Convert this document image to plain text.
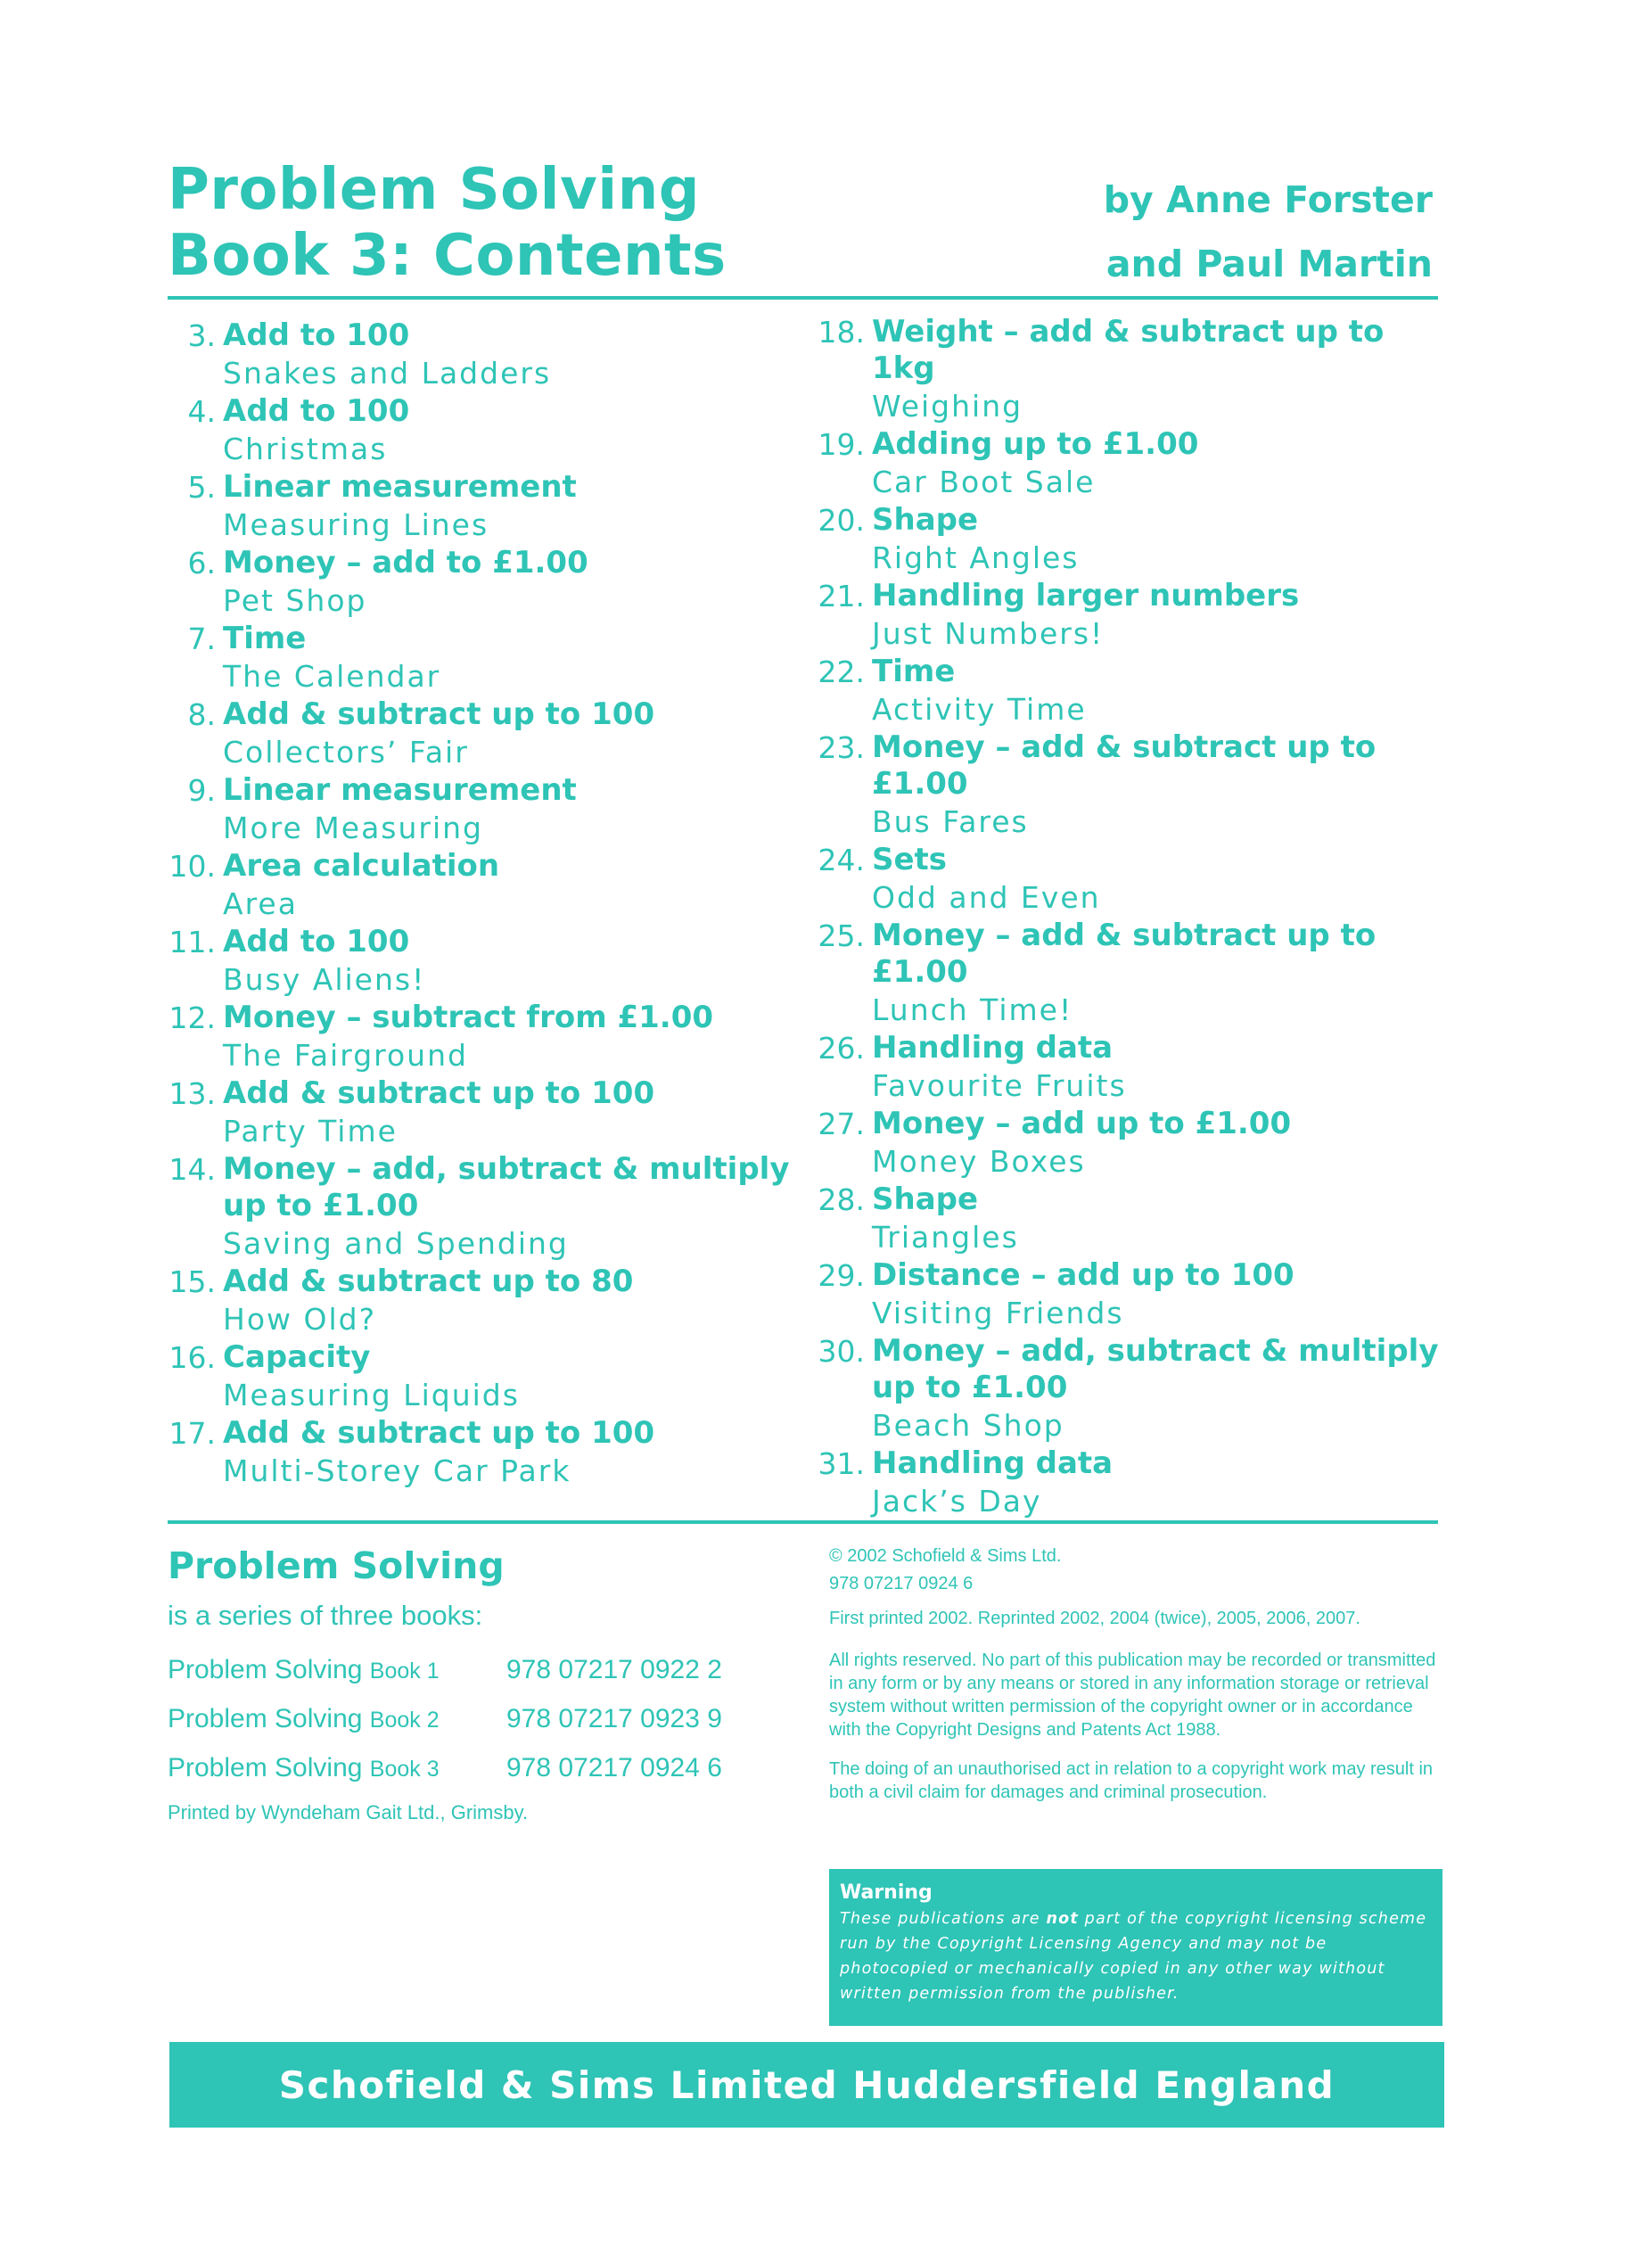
Problem Solving
Book 3: Contents
by Anne Forster
and Paul Martin
3. Add to 100
Snakes and Ladders
4. Add to 100
Christmas
5. Linear measurement
Measuring Lines
6. Money – add to £1.00
Pet Shop
7. Time
The Calendar
8. Add & subtract up to 100
Collectors’ Fair
9. Linear measurement
More Measuring
10. Area calculation
Area
11. Add to 100
Busy Aliens!
12. Money – subtract from £1.00
The Fairground
13. Add & subtract up to 100
Party Time
14. Money – add, subtract & multiply up to £1.00
Saving and Spending
15. Add & subtract up to 80
How Old?
16. Capacity
Measuring Liquids
17. Add & subtract up to 100
Multi-Storey Car Park
18. Weight – add & subtract up to 1kg
Weighing
19. Adding up to £1.00
Car Boot Sale
20. Shape
Right Angles
21. Handling larger numbers
Just Numbers!
22. Time
Activity Time
23. Money – add & subtract up to £1.00
Bus Fares
24. Sets
Odd and Even
25. Money – add & subtract up to £1.00
Lunch Time!
26. Handling data
Favourite Fruits
27. Money – add up to £1.00
Money Boxes
28. Shape
Triangles
29. Distance – add up to 100
Visiting Friends
30. Money – add, subtract & multiply up to £1.00
Beach Shop
31. Handling data
Jack’s Day
Problem Solving
is a series of three books:
Problem Solving Book 1	978 07217 0922 2
Problem Solving Book 2	978 07217 0923 9
Problem Solving Book 3	978 07217 0924 6
Printed by Wyndeham Gait Ltd., Grimsby.
© 2002 Schofield & Sims Ltd.
978 07217 0924 6
First printed 2002. Reprinted 2002, 2004 (twice), 2005, 2006, 2007.
All rights reserved. No part of this publication may be recorded or transmitted in any form or by any means or stored in any information storage or retrieval system without written permission of the copyright owner or in accordance with the Copyright Designs and Patents Act 1988.
The doing of an unauthorised act in relation to a copyright work may result in both a civil claim for damages and criminal prosecution.
Warning
These publications are not part of the copyright licensing scheme run by the Copyright Licensing Agency and may not be photocopied or mechanically copied in any other way without written permission from the publisher.
Schofield & Sims Limited Huddersfield England
